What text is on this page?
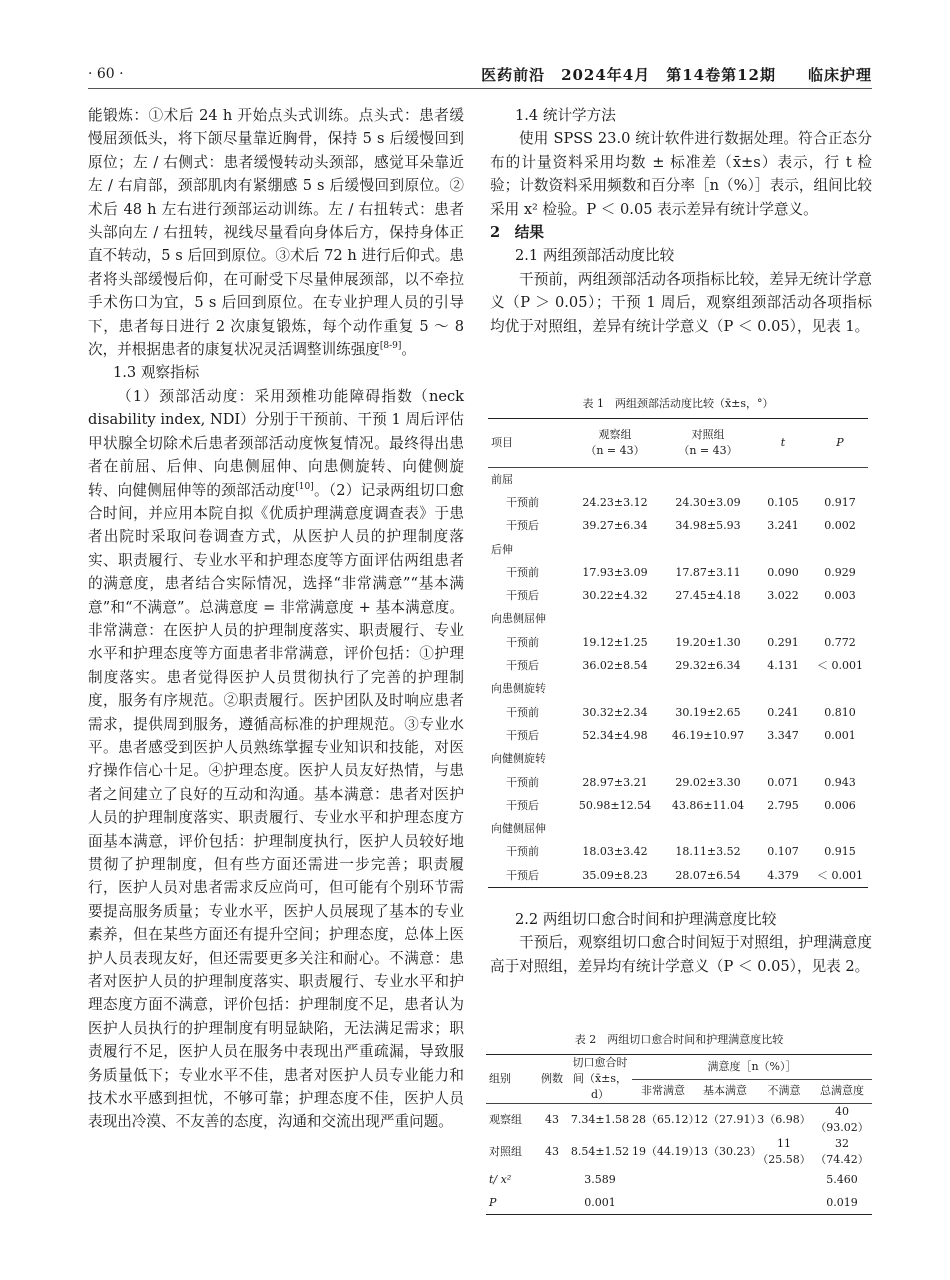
· 60 ·	医药前沿　2024年4月　第14卷第12期　　临床护理

能锻炼：①术后 24 h 开始点头式训练。点头式：患者缓慢屈颈低头，将下颌尽量靠近胸骨，保持 5 s 后缓慢回到原位；左 / 右侧式：患者缓慢转动头颈部，感觉耳朵靠近左 / 右肩部，颈部肌肉有紧绷感 5 s 后缓慢回到原位。②术后 48 h 左右进行颈部运动训练。左 / 右扭转式：患者头部向左 / 右扭转，视线尽量看向身体后方，保持身体正直不转动，5 s 后回到原位。③术后 72 h 进行后仰式。患者将头部缓慢后仰，在可耐受下尽量伸展颈部，以不牵拉手术伤口为宜，5 s 后回到原位。在专业护理人员的引导下，患者每日进行 2 次康复锻炼，每个动作重复 5 ～ 8 次，并根据患者的康复状况灵活调整训练强度[8-9]。

1.3 观察指标

（1）颈部活动度：采用颈椎功能障碍指数（neck disability index, NDI）分别于干预前、干预 1 周后评估甲状腺全切除术后患者颈部活动度恢复情况。最终得出患者在前屈、后伸、向患侧屈伸、向患侧旋转、向健侧旋转、向健侧屈伸等的颈部活动度[10]。（2）记录两组切口愈合时间，并应用本院自拟《优质护理满意度调查表》于患者出院时采取问卷调查方式，从医护人员的护理制度落实、职责履行、专业水平和护理态度等方面评估两组患者的满意度，患者结合实际情况，选择“非常满意”“基本满意”和“不满意”。总满意度 = 非常满意度 + 基本满意度。非常满意：在医护人员的护理制度落实、职责履行、专业水平和护理态度等方面患者非常满意，评价包括：①护理制度落实。患者觉得医护人员贯彻执行了完善的护理制度，服务有序规范。②职责履行。医护团队及时响应患者需求，提供周到服务，遵循高标准的护理规范。③专业水平。患者感受到医护人员熟练掌握专业知识和技能，对医疗操作信心十足。④护理态度。医护人员友好热情，与患者之间建立了良好的互动和沟通。基本满意：患者对医护人员的护理制度落实、职责履行、专业水平和护理态度方面基本满意，评价包括：护理制度执行，医护人员较好地贯彻了护理制度，但有些方面还需进一步完善；职责履行，医护人员对患者需求反应尚可，但可能有个别环节需要提高服务质量；专业水平，医护人员展现了基本的专业素养，但在某些方面还有提升空间；护理态度，总体上医护人员表现友好，但还需要更多关注和耐心。不满意：患者对医护人员的护理制度落实、职责履行、专业水平和护理态度方面不满意，评价包括：护理制度不足，患者认为医护人员执行的护理制度有明显缺陷，无法满足需求；职责履行不足，医护人员在服务中表现出严重疏漏，导致服务质量低下；专业水平不佳，患者对医护人员专业能力和技术水平感到担忧，不够可靠；护理态度不佳，医护人员表现出冷漠、不友善的态度，沟通和交流出现严重问题。

1.4 统计学方法

使用 SPSS 23.0 统计软件进行数据处理。符合正态分布的计量资料采用均数 ± 标准差（x̄±s）表示，行 t 检验；计数资料采用频数和百分率［n（%）］表示，组间比较采用 x² 检验。P ＜ 0.05 表示差异有统计学意义。

2　结果

2.1 两组颈部活动度比较

干预前，两组颈部活动各项指标比较，差异无统计学意义（P ＞ 0.05）；干预 1 周后，观察组颈部活动各项指标均优于对照组，差异有统计学意义（P ＜ 0.05），见表 1。

表 1　两组颈部活动度比较（x̄±s，°）
项目	观察组
（n = 43）	对照组
（n = 43）	t	P
前屈				
干预前	24.23±3.12	24.30±3.09	0.105	0.917
干预后	39.27±6.34	34.98±5.93	3.241	0.002
后伸				
干预前	17.93±3.09	17.87±3.11	0.090	0.929
干预后	30.22±4.32	27.45±4.18	3.022	0.003
向患侧屈伸				
干预前	19.12±1.25	19.20±1.30	0.291	0.772
干预后	36.02±8.54	29.32±6.34	4.131	＜ 0.001
向患侧旋转				
干预前	30.32±2.34	30.19±2.65	0.241	0.810
干预后	52.34±4.98	46.19±10.97	3.347	0.001
向健侧旋转				
干预前	28.97±3.21	29.02±3.30	0.071	0.943
干预后	50.98±12.54	43.86±11.04	2.795	0.006
向健侧屈伸				
干预前	18.03±3.42	18.11±3.52	0.107	0.915
干预后	35.09±8.23	28.07±6.54	4.379	＜ 0.001

2.2 两组切口愈合时间和护理满意度比较

干预后，观察组切口愈合时间短于对照组，护理满意度高于对照组，差异均有统计学意义（P ＜ 0.05），见表 2。

表 2　两组切口愈合时间和护理满意度比较
组别	例数	切口愈合时
间（x̄±s，d）	满意度［n（%）］			
			非常满意	基本满意	不满意	总满意度
观察组	43	7.34±1.58	28（65.12）	12（27.91）	3（6.98）	40（93.02）
对照组	43	8.54±1.52	19（44.19）	13（30.23）	11（25.58）	32（74.42）
t/ x²		3.589				5.460
P		0.001				0.019
